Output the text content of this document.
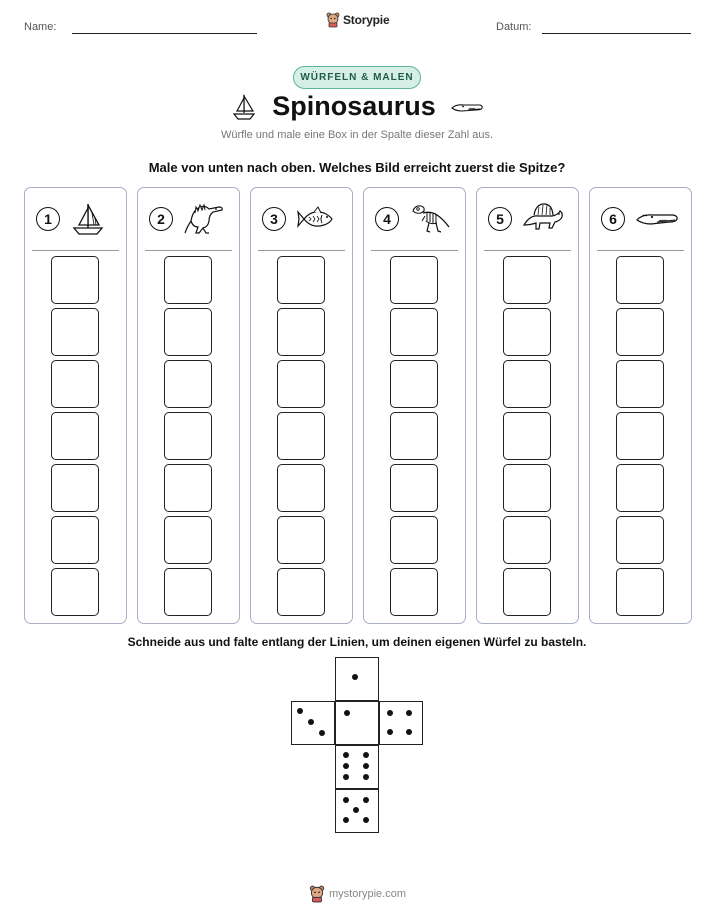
Name:	Storypie	Datum:
WÜRFELN & MALEN
Spinosaurus
Würfle und male eine Box in der Spalte dieser Zahl aus.
Male von unten nach oben. Welches Bild erreicht zuerst die Spitze?
1	2	3	4	5	6
Schneide aus und falte entlang der Linien, um deinen eigenen Würfel zu basteln.
mystorypie.com
